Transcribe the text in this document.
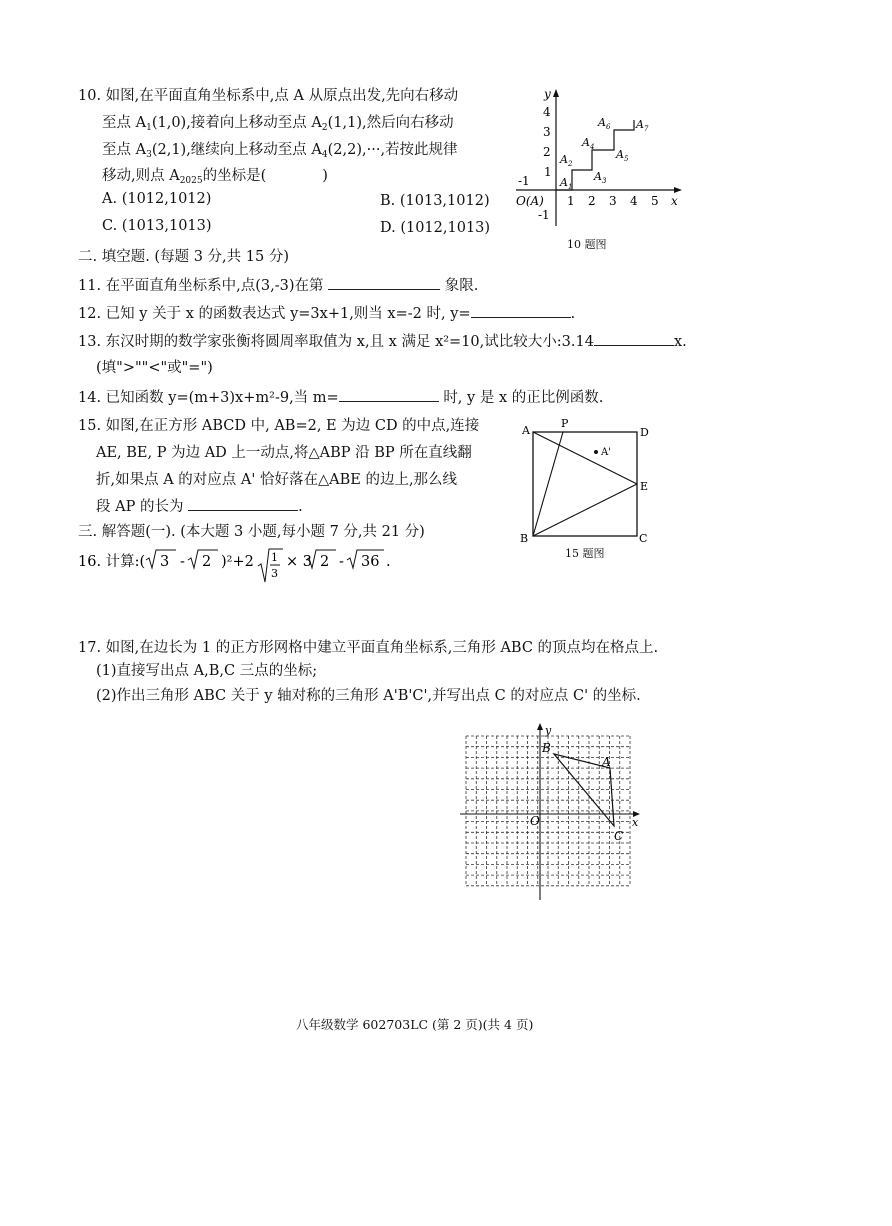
10. 如图,在平面直角坐标系中,点 A 从原点出发,先向右移动
至点 $A_1(1,0)$,接着向上移动至点 $A_2(1,1)$,然后向右移动
至点 $A_3(2,1)$,继续向上移动至点 $A_4(2,2),\cdot\cdot\cdot$,若按此规律
移动,则点 $A_{2025}$的坐标是(	)
A. (1012,1012)	B. (1013,1012)
C. (1013,1013)	D. (1012,1013)
y
x
4
3
2
1
-1
-1
1 2 3 4 5
O(A)
$A_1$
$A_2$
$A_3$
$A_4$
$A_5$
$A_6$ $A_7$
10 题图
二. 填空题. (每题 3 分,共 15 分)
11. 在平面直角坐标系中,点(3,-3)在第	象限.
12. 已知 y 关于 x 的函数表达式 y=3x+1,则当 x=-2 时, y=	.
13. 东汉时期的数学家张衡将圆周率取值为 x,且 x 满足 x²=10,试比较大小:3.14	x.
(填">""<"或"=")
14. 已知函数 y=(m+3)x+m²-9,当 m=	时, y 是 x 的正比例函数.
15. 如图,在正方形 ABCD 中, AB=2, E 为边 CD 的中点,连接
AE, BE, P 为边 AD 上一动点,将△ABP 沿 BP 所在直线翻
折,如果点 A 的对应点 A' 恰好落在△ABE 的边上,那么线
段 AP 的长为	.
A
P
D
E
B	C
A'
15 题图
三. 解答题(一). (本大题 3 小题,每小题 7 分,共 21 分)
16. 计算:( 3 - 2 )²+2 1
3
× 3 2 - 36 .
17. 如图,在边长为 1 的正方形网格中建立平面直角坐标系,三角形 ABC 的顶点均在格点上.
(1)直接写出点 A,B,C 三点的坐标;
(2)作出三角形 ABC 关于 y 轴对称的三角形 A'B'C',并写出点 C 的对应点 C' 的坐标.
y
x
O
B
A
C
八年级数学 602703LC (第 2 页)(共 4 页)
